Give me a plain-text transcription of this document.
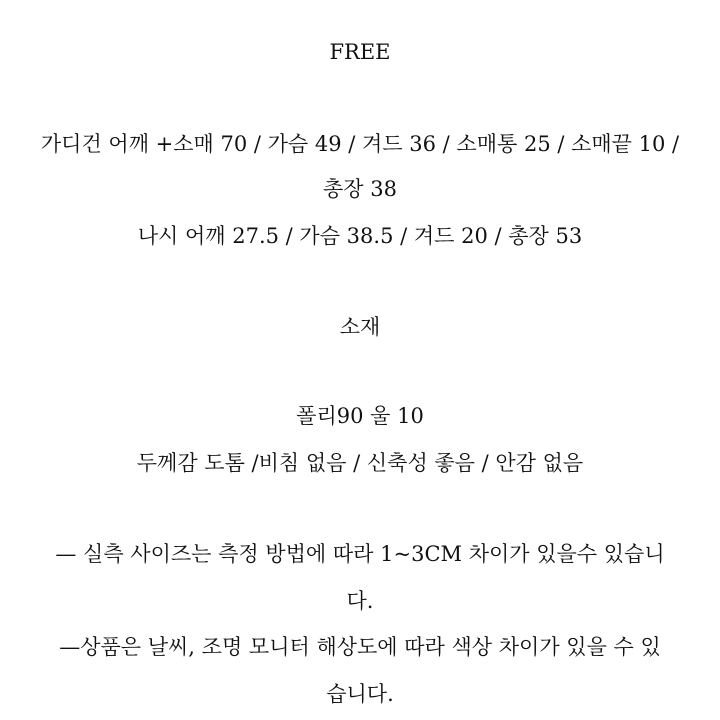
FREE
가디건 어깨 +소매 70 / 가슴 49 / 겨드 36 / 소매통 25 / 소매끝 10 /
총장 38
나시 어깨 27.5 / 가슴 38.5 / 겨드 20 / 총장 53
소재
폴리90 울 10
두께감 도톰 /비침 없음 / 신축성 좋음 / 안감 없음
— 실측 사이즈는 측정 방법에 따라 1~3CM 차이가 있을수 있습니
다.
—상품은 날씨, 조명 모니터 해상도에 따라 색상 차이가 있을 수 있
습니다.
